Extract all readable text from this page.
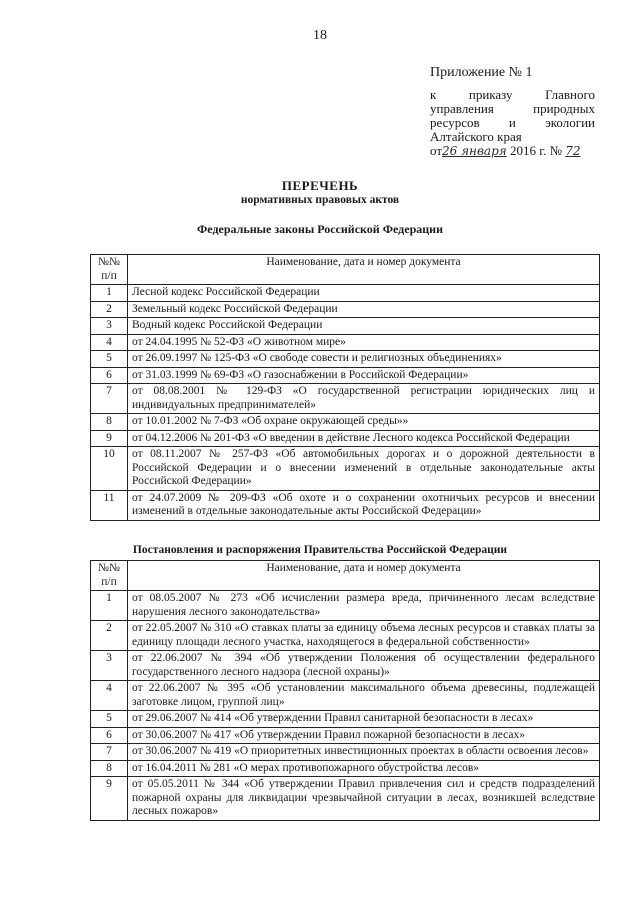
18
Приложение № 1
к приказу Главного
управления природных
ресурсов и экологии
Алтайского края
от26 января 2016 г. № 72
ПЕРЕЧЕНЬ
нормативных правовых актов
Федеральные законы Российской Федерации
№№ п/п	Наименование, дата и номер документа
1	Лесной кодекс Российской Федерации
2	Земельный кодекс Российской Федерации
3	Водный кодекс Российской Федерации
4	от 24.04.1995 № 52-ФЗ «О животном мире»
5	от 26.09.1997 № 125-ФЗ «О свободе совести и религиозных объединениях»
6	от 31.03.1999 № 69-ФЗ «О газоснабжении в Российской Федерации»
7	от 08.08.2001 № 129-ФЗ «О государственной регистрации юридических лиц и индивидуальных предпринимателей»
8	от 10.01.2002 № 7-ФЗ «Об охране окружающей среды»»
9	от 04.12.2006 № 201-ФЗ «О введении в действие Лесного кодекса Российской Федерации
10	от 08.11.2007 № 257-ФЗ «Об автомобильных дорогах и о дорожной деятельности в Российской Федерации и о внесении изменений в отдельные законодательные акты Российской Федерации»
11	от 24.07.2009 № 209-ФЗ «Об охоте и о сохранении охотничьих ресурсов и внесении изменений в отдельные законодательные акты Российской Федерации»
Постановления и распоряжения Правительства Российской Федерации
№№ п/п	Наименование, дата и номер документа
1	от 08.05.2007 № 273 «Об исчислении размера вреда, причиненного лесам вследствие нарушения лесного законодательства»
2	от 22.05.2007 № 310 «О ставках платы за единицу объема лесных ресурсов и ставках платы за единицу площади лесного участка, находящегося в федеральной собственности»
3	от 22.06.2007 № 394 «Об утверждении Положения об осуществлении федерального государственного лесного надзора (лесной охраны)»
4	от 22.06.2007 № 395 «Об установлении максимального объема древесины, подлежащей заготовке лицом, группой лиц»
5	от 29.06.2007 № 414 «Об утверждении Правил санитарной безопасности в лесах»
6	от 30.06.2007 № 417 «Об утверждении Правил пожарной безопасности в лесах»
7	от 30.06.2007 № 419 «О приоритетных инвестиционных проектах в области освоения лесов»
8	от 16.04.2011 № 281 «О мерах противопожарного обустройства лесов»
9	от 05.05.2011 № 344 «Об утверждении Правил привлечения сил и средств подразделений пожарной охраны для ликвидации чрезвычайной ситуации в лесах, возникшей вследствие лесных пожаров»
